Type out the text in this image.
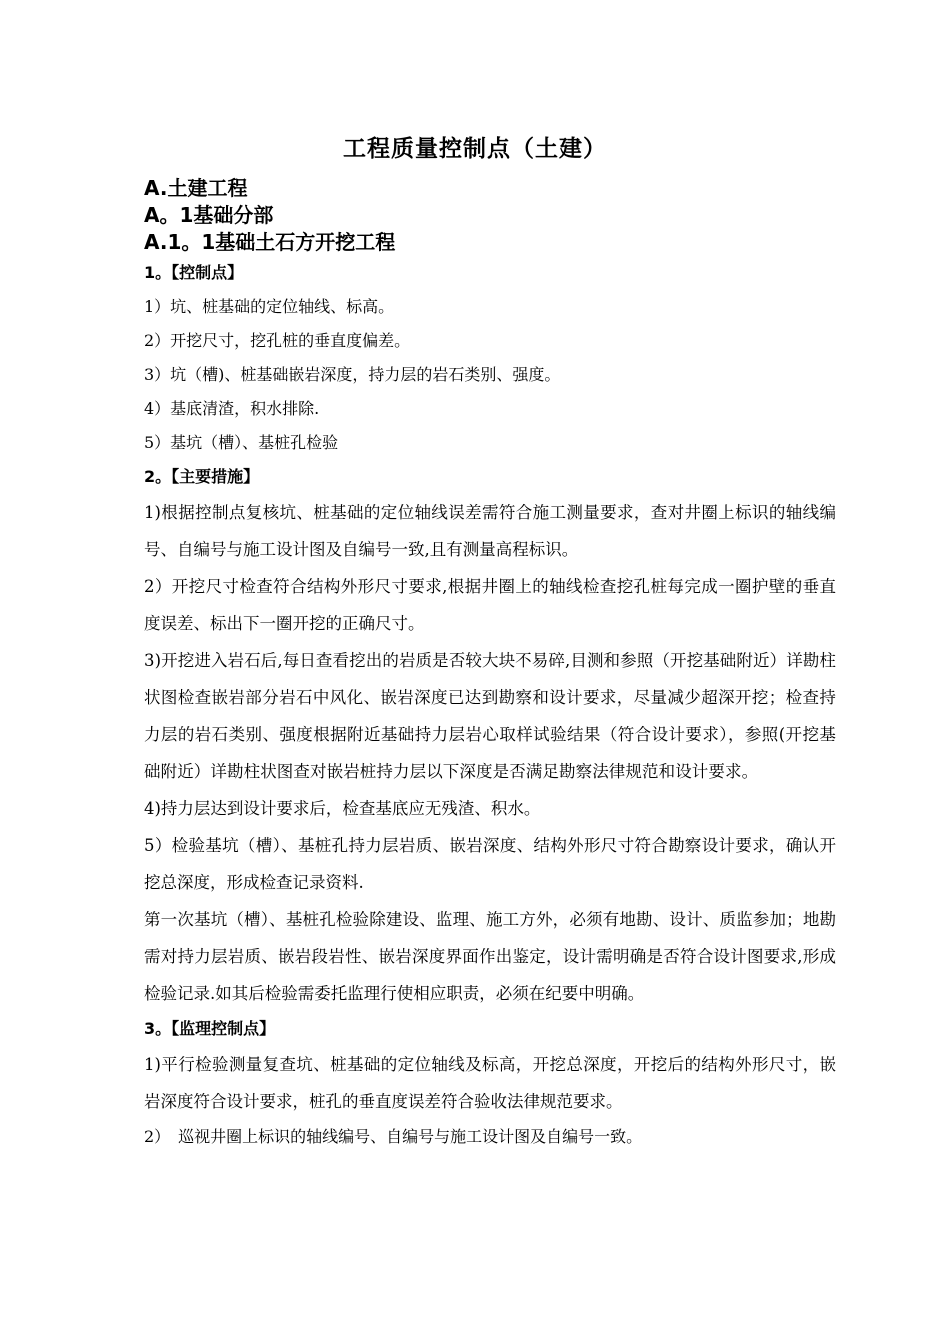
工程质量控制点（土建）
A.土建工程
A。1基础分部
A.1。1基础土石方开挖工程
1。【控制点】
1）坑、桩基础的定位轴线、标高。
2）开挖尺寸，挖孔桩的垂直度偏差。
3）坑（槽)、桩基础嵌岩深度，持力层的岩石类别、强度。
4）基底清渣，积水排除.
5）基坑（槽）、基桩孔检验
2。【主要措施】
1)根据控制点复核坑、桩基础的定位轴线误差需符合施工测量要求，查对井圈上标识的轴线编号、自编号与施工设计图及自编号一致,且有测量高程标识。
2）开挖尺寸检查符合结构外形尺寸要求,根据井圈上的轴线检查挖孔桩每完成一圈护壁的垂直度误差、标出下一圈开挖的正确尺寸。
3)开挖进入岩石后,每日查看挖出的岩质是否较大块不易碎,目测和参照（开挖基础附近）详勘柱状图检查嵌岩部分岩石中风化、嵌岩深度已达到勘察和设计要求，尽量减少超深开挖；检查持力层的岩石类别、强度根据附近基础持力层岩心取样试验结果（符合设计要求），参照(开挖基础附近）详勘柱状图查对嵌岩桩持力层以下深度是否满足勘察法律规范和设计要求。
4)持力层达到设计要求后，检查基底应无残渣、积水。
5）检验基坑（槽）、基桩孔持力层岩质、嵌岩深度、结构外形尺寸符合勘察设计要求，确认开挖总深度，形成检查记录资料.
第一次基坑（槽）、基桩孔检验除建设、监理、施工方外，必须有地勘、设计、质监参加；地勘需对持力层岩质、嵌岩段岩性、嵌岩深度界面作出鉴定，设计需明确是否符合设计图要求,形成检验记录.如其后检验需委托监理行使相应职责，必须在纪要中明确。
3。【监理控制点】
1)平行检验测量复查坑、桩基础的定位轴线及标高，开挖总深度，开挖后的结构外形尺寸，嵌岩深度符合设计要求，桩孔的垂直度误差符合验收法律规范要求。
2）　巡视井圈上标识的轴线编号、自编号与施工设计图及自编号一致。
